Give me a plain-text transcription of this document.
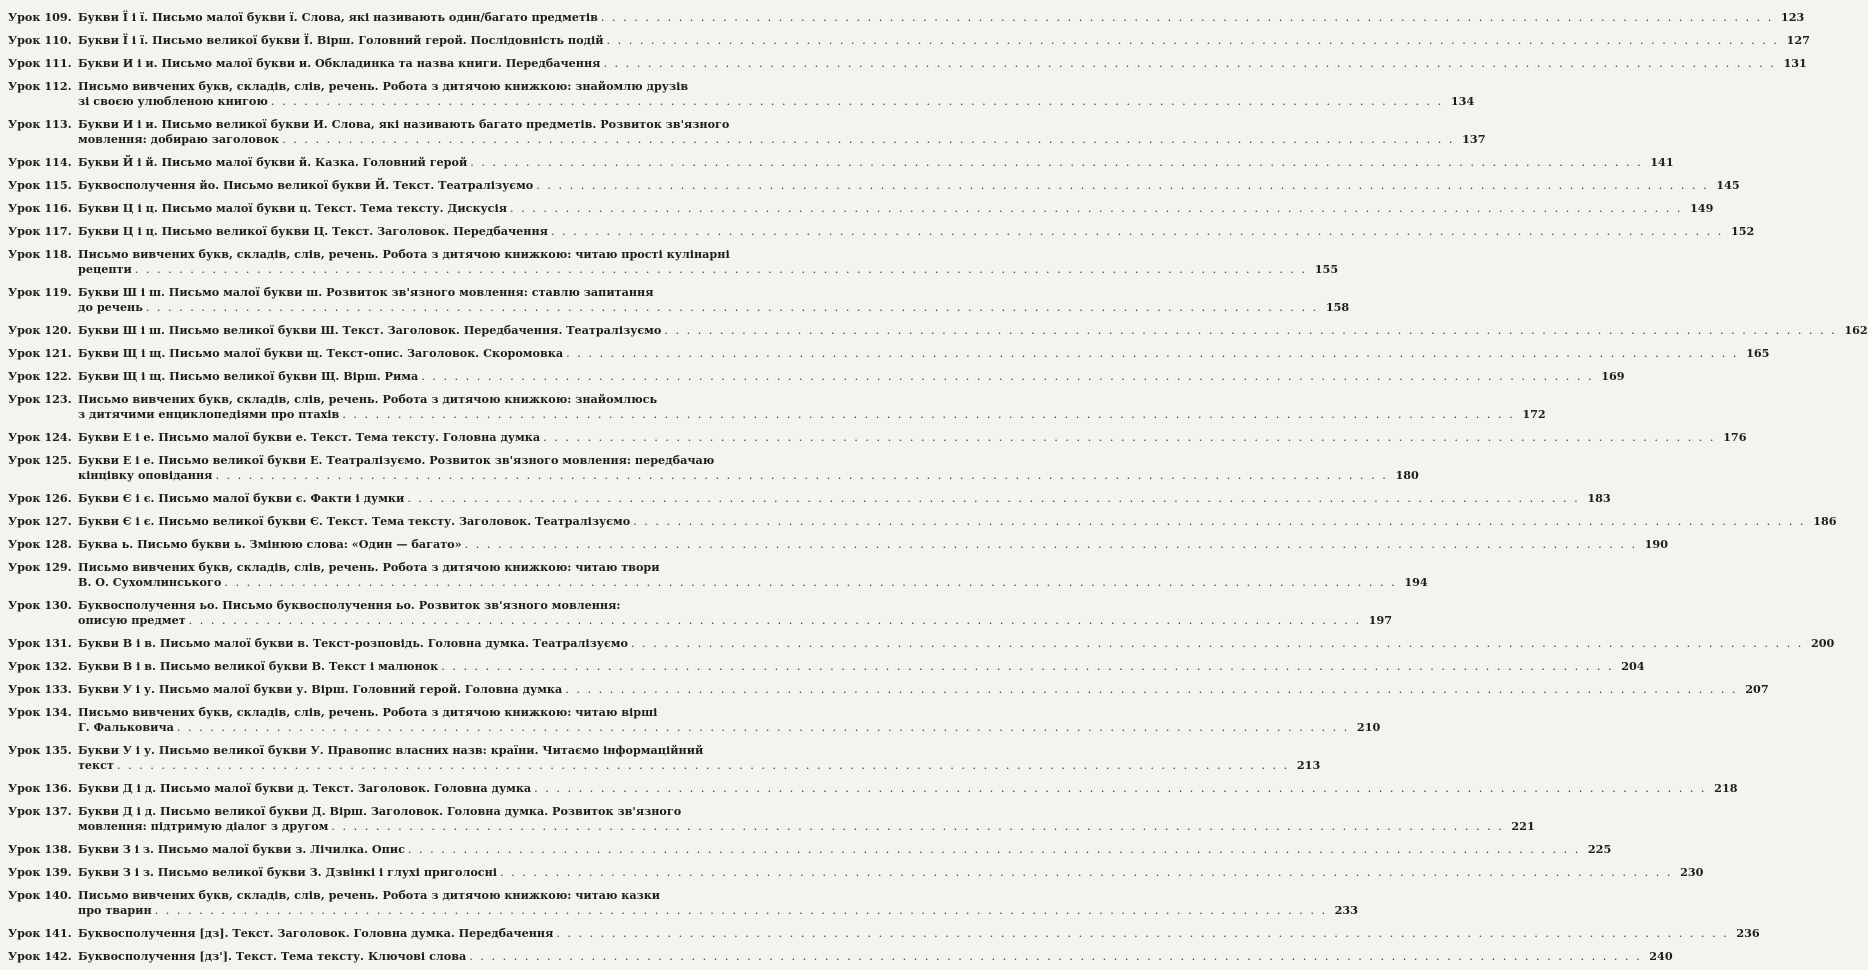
Урок 109. Букви Ї і ї. Письмо малої букви ї. Слова, які називають один/багато предметів . . .	123
Урок 110. Букви Ї і ї. Письмо великої букви Ї. Вірш. Головний герой. Послідовність подій . . .	127
Урок 111. Букви И і и. Письмо малої букви и. Обкладинка та назва книги. Передбачення . . .	131
Урок 112. Письмо вивчених букв, складів, слів, речень. Робота з дитячою книжкою: знайомлю друзів
зі своєю улюбленою книгою . . .	134
Урок 113. Букви И і и. Письмо великої букви И. Слова, які називають багато предметів. Розвиток зв'язного
мовлення: добираю заголовок . . .	137
Урок 114. Букви Й і й. Письмо малої букви й. Казка. Головний герой . . .	141
Урок 115. Буквосполучення йо. Письмо великої букви Й. Текст. Театралізуємо . . .	145
Урок 116. Букви Ц і ц. Письмо малої букви ц. Текст. Тема тексту. Дискусія . . .	149
Урок 117. Букви Ц і ц. Письмо великої букви Ц. Текст. Заголовок. Передбачення . . .	152
Урок 118. Письмо вивчених букв, складів, слів, речень. Робота з дитячою книжкою: читаю прості кулінарні
рецепти . . .	155
Урок 119. Букви Ш і ш. Письмо малої букви ш. Розвиток зв'язного мовлення: ставлю запитання
до речень . . .	158
Урок 120. Букви Ш і ш. Письмо великої букви Ш. Текст. Заголовок. Передбачення. Театралізуємо . . .	162
Урок 121. Букви Щ і щ. Письмо малої букви щ. Текст-опис. Заголовок. Скоромовка . . .	165
Урок 122. Букви Щ і щ. Письмо великої букви Щ. Вірш. Рима . . .	169
Урок 123. Письмо вивчених букв, складів, слів, речень. Робота з дитячою книжкою: знайомлюсь
з дитячими енциклопедіями про птахів . . .	172
Урок 124. Букви Е і е. Письмо малої букви е. Текст. Тема тексту. Головна думка . . .	176
Урок 125. Букви Е і е. Письмо великої букви Е. Театралізуємо. Розвиток зв'язного мовлення: передбачаю
кінцівку оповідання . . .	180
Урок 126. Букви Є і є. Письмо малої букви є. Факти і думки . . .	183
Урок 127. Букви Є і є. Письмо великої букви Є. Текст. Тема тексту. Заголовок. Театралізуємо . . .	186
Урок 128. Буква ь. Письмо букви ь. Змінюю слова: «Один — багато» . . .	190
Урок 129. Письмо вивчених букв, складів, слів, речень. Робота з дитячою книжкою: читаю твори
В. О. Сухомлинського . . .	194
Урок 130. Буквосполучення ьо. Письмо буквосполучення ьо. Розвиток зв'язного мовлення:
описую предмет . . .	197
Урок 131. Букви В і в. Письмо малої букви в. Текст-розповідь. Головна думка. Театралізуємо . . .	200
Урок 132. Букви В і в. Письмо великої букви В. Текст і малюнок . . .	204
Урок 133. Букви У і у. Письмо малої букви у. Вірш. Головний герой. Головна думка . . .	207
Урок 134. Письмо вивчених букв, складів, слів, речень. Робота з дитячою книжкою: читаю вірші
Г. Фальковича . . .	210
Урок 135. Букви У і у. Письмо великої букви У. Правопис власних назв: країни. Читаємо інформаційний
текст . . .	213
Урок 136. Букви Д і д. Письмо малої букви д. Текст. Заголовок. Головна думка . . .	218
Урок 137. Букви Д і д. Письмо великої букви Д. Вірш. Заголовок. Головна думка. Розвиток зв'язного
мовлення: підтримую діалог з другом . . .	221
Урок 138. Букви З і з. Письмо малої букви з. Лічилка. Опис . . .	225
Урок 139. Букви З і з. Письмо великої букви З. Дзвінкі і глухі приголосні . . .	230
Урок 140. Письмо вивчених букв, складів, слів, речень. Робота з дитячою книжкою: читаю казки
про тварин . . .	233
Урок 141. Буквосполучення [дз]. Текст. Заголовок. Головна думка. Передбачення . . .	236
Урок 142. Буквосполучення [дз']. Текст. Тема тексту. Ключові слова . . .	240
